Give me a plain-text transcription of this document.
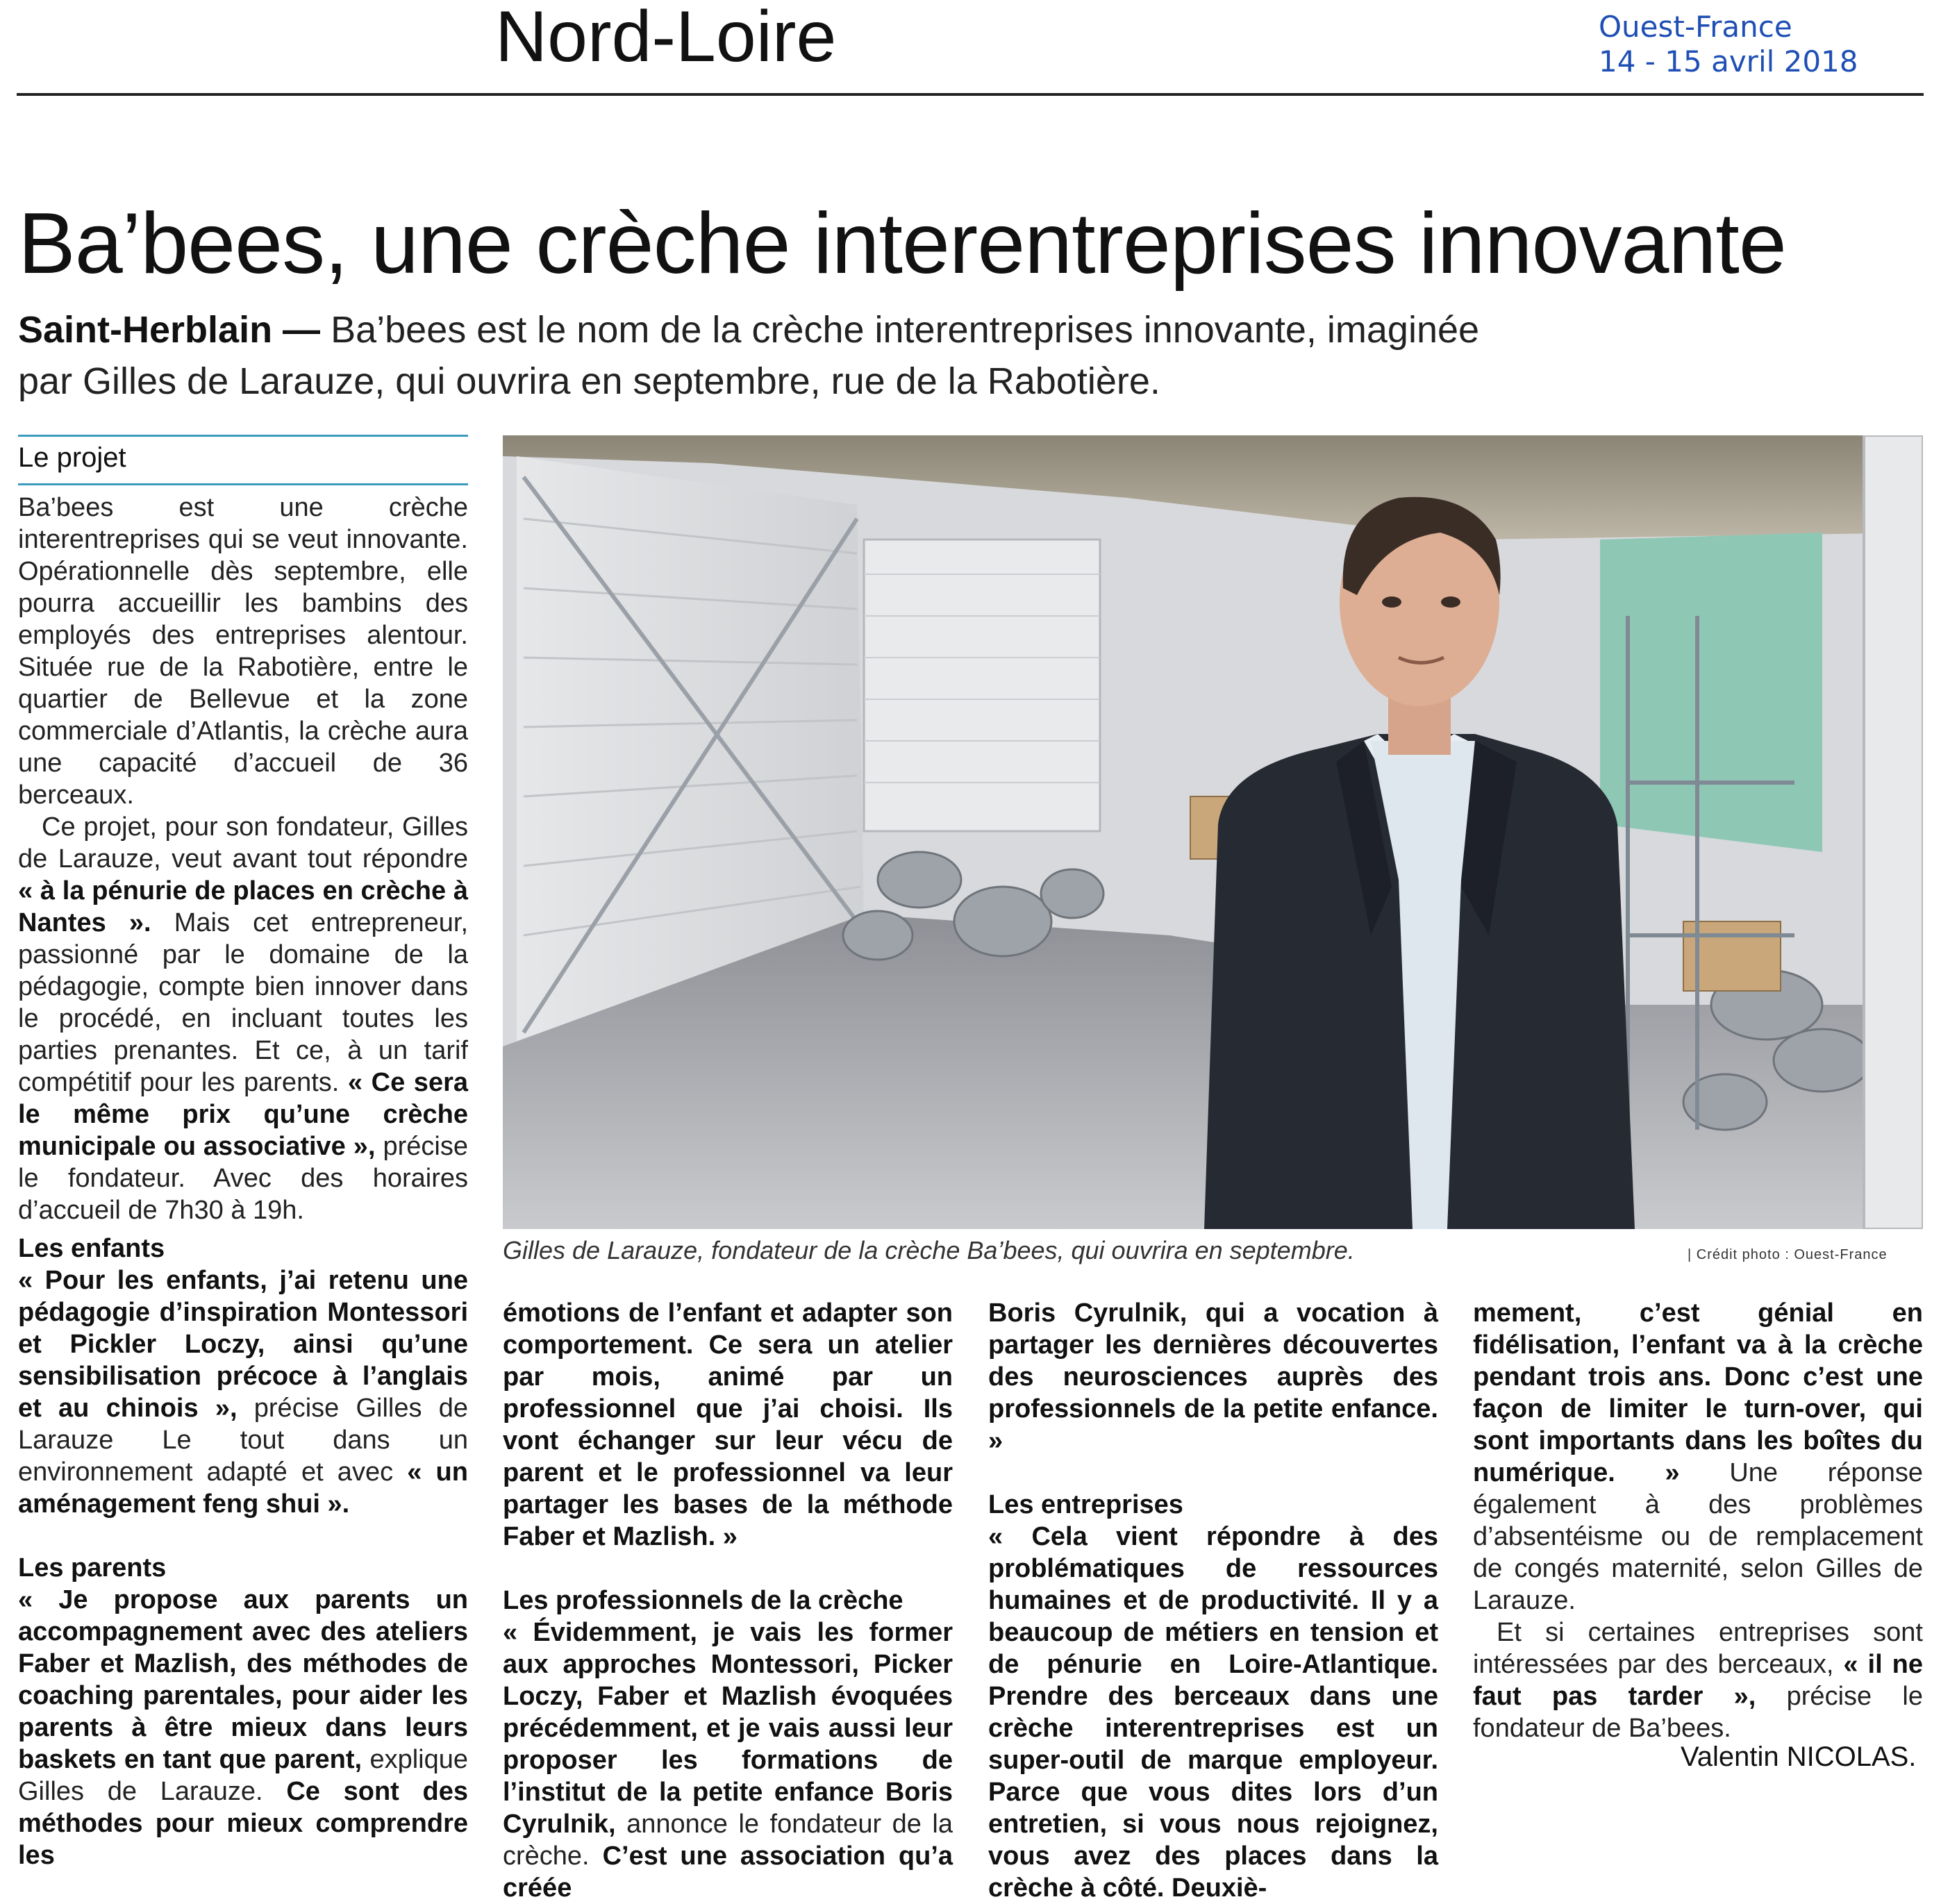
Nord-Loire	Ouest-France
14 - 15 avril 2018
Ba’bees, une crèche interentreprises innovante
Saint-Herblain — Ba’bees est le nom de la crèche interentreprises innovante, imaginée par Gilles de Larauze, qui ouvrira en septembre, rue de la Rabotière.
Le projet

Ba’bees est une crèche interentreprises qui se veut innovante. Opérationnelle dès septembre, elle pourra accueillir les bambins des employés des entreprises alentour. Située rue de la Rabotière, entre le quartier de Bellevue et la zone commerciale d’Atlantis, la crèche aura une capacité d’accueil de 36 berceaux.

Ce projet, pour son fondateur, Gilles de Larauze, veut avant tout répondre « à la pénurie de places en crèche à Nantes ». Mais cet entrepreneur, passionné par le domaine de la pédagogie, compte bien innover dans le procédé, en incluant toutes les parties prenantes. Et ce, à un tarif compétitif pour les parents. « Ce sera le même prix qu’une crèche municipale ou associative », précise le fondateur. Avec des horaires d’accueil de 7h30 à 19h.

Gilles de Larauze, fondateur de la crèche Ba’bees, qui ouvrira en septembre.	| Crédit photo : Ouest-France

Les enfants

« Pour les enfants, j’ai retenu une pédagogie d’inspiration Montessori et Pickler Loczy, ainsi qu’une sensibilisation précoce à l’anglais et au chinois », précise Gilles de Larauze Le tout dans un environnement adapté et avec « un aménagement feng shui ».

Les parents

« Je propose aux parents un accompagnement avec des ateliers Faber et Mazlish, des méthodes de coaching parentales, pour aider les parents à être mieux dans leurs baskets en tant que parent, explique Gilles de Larauze. Ce sont des méthodes pour mieux comprendre les

émotions de l’enfant et adapter son comportement. Ce sera un atelier par mois, animé par un professionnel que j’ai choisi. Ils vont échanger sur leur vécu de parent et le professionnel va leur partager les bases de la méthode Faber et Mazlish. »

Les professionnels de la crèche

« Évidemment, je vais les former aux approches Montessori, Picker Loczy, Faber et Mazlish évoquées précédemment, et je vais aussi leur proposer les formations de l’institut de la petite enfance Boris Cyrulnik, annonce le fondateur de la crèche. C’est une association qu’a créée

Boris Cyrulnik, qui a vocation à partager les dernières découvertes des neurosciences auprès des professionnels de la petite enfance. »

Les entreprises

« Cela vient répondre à des problématiques de ressources humaines et de productivité. Il y a beaucoup de métiers en tension et de pénurie en Loire-Atlantique. Prendre des berceaux dans une crèche interentreprises est un super-outil de marque employeur. Parce que vous dites lors d’un entretien, si vous nous rejoignez, vous avez des places dans la crèche à côté. Deuxiè-

mement, c’est génial en fidélisation, l’enfant va à la crèche pendant trois ans. Donc c’est une façon de limiter le turn-over, qui sont importants dans les boîtes du numérique. » Une réponse également à des problèmes d’absentéisme ou de remplacement de congés maternité, selon Gilles de Larauze.

Et si certaines entreprises sont intéressées par des berceaux, « il ne faut pas tarder », précise le fondateur de Ba’bees.

Valentin NICOLAS.
